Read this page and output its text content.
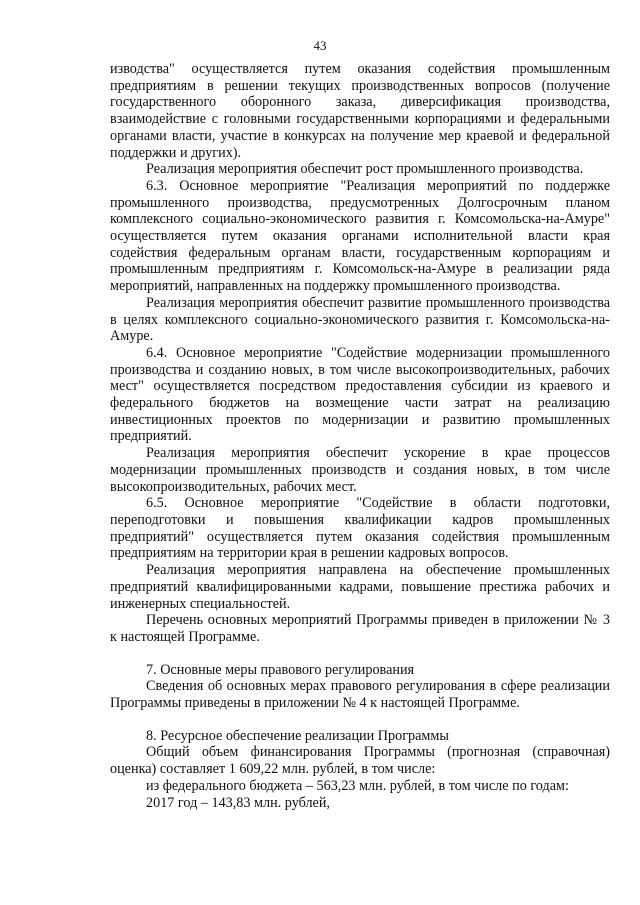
43

изводства" осуществляется путем оказания содействия промышленным предприятиям в решении текущих производственных вопросов (получение государственного оборонного заказа, диверсификация производства, взаимодействие с головными государственными корпорациями и федеральными органами власти, участие в конкурсах на получение мер краевой и федеральной поддержки и других).

Реализация мероприятия обеспечит рост промышленного производства.

6.3. Основное мероприятие "Реализация мероприятий по поддержке промышленного производства, предусмотренных Долгосрочным планом комплексного социально-экономического развития г. Комсомольска-на-Амуре" осуществляется путем оказания органами исполнительной власти края содействия федеральным органам власти, государственным корпорациям и промышленным предприятиям г. Комсомольск-на-Амуре в реализации ряда мероприятий, направленных на поддержку промышленного производства.

Реализация мероприятия обеспечит развитие промышленного производства в целях комплексного социально-экономического развития г. Комсомольска-на-Амуре.

6.4. Основное мероприятие "Содействие модернизации промышленного производства и созданию новых, в том числе высокопроизводительных, рабочих мест" осуществляется посредством предоставления субсидии из краевого и федерального бюджетов на возмещение части затрат на реализацию инвестиционных проектов по модернизации и развитию промышленных предприятий.

Реализация мероприятия обеспечит ускорение в крае процессов модернизации промышленных производств и создания новых, в том числе высокопроизводительных, рабочих мест.

6.5. Основное мероприятие "Содействие в области подготовки, переподготовки и повышения квалификации кадров промышленных предприятий" осуществляется путем оказания содействия промышленным предприятиям на территории края в решении кадровых вопросов.

Реализация мероприятия направлена на обеспечение промышленных предприятий квалифицированными кадрами, повышение престижа рабочих и инженерных специальностей.

Перечень основных мероприятий Программы приведен в приложении № 3 к настоящей Программе.

7. Основные меры правового регулирования

Сведения об основных мерах правового регулирования в сфере реализации Программы приведены в приложении № 4 к настоящей Программе.

8. Ресурсное обеспечение реализации Программы

Общий объем финансирования Программы (прогнозная (справочная) оценка) составляет 1 609,22 млн. рублей, в том числе:

из федерального бюджета – 563,23 млн. рублей, в том числе по годам:

2017 год – 143,83 млн. рублей,
